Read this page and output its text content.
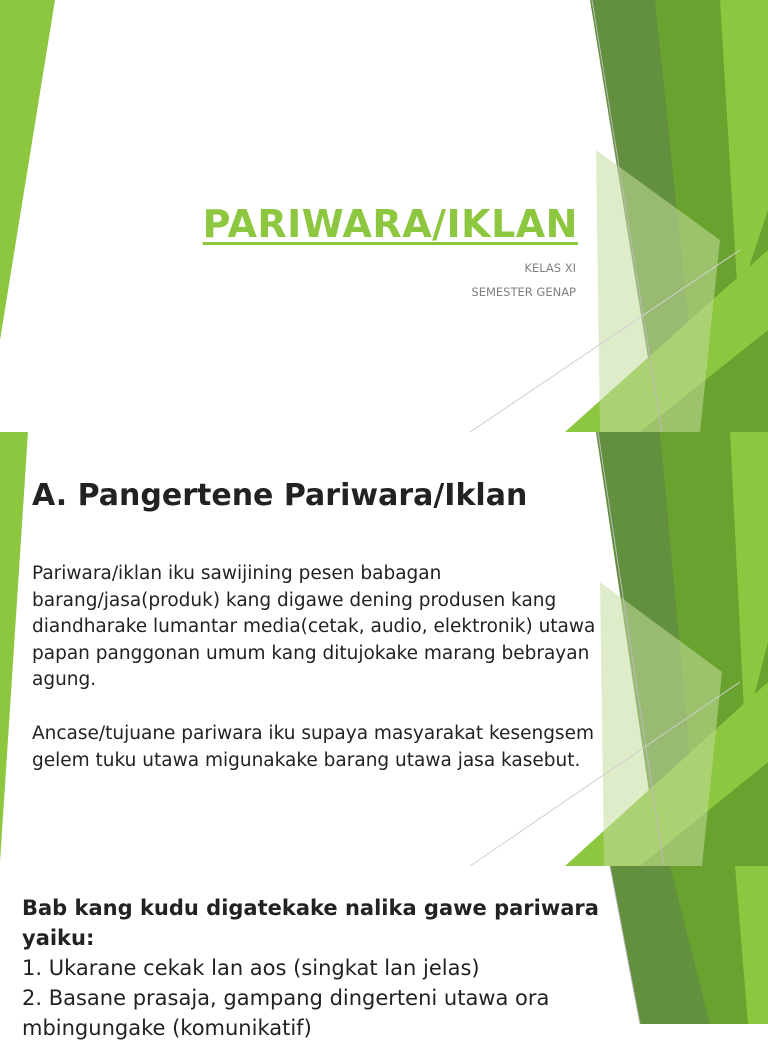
PARIWARA/IKLAN

KELAS XI

SEMESTER GENAP

A. Pangertene Pariwara/Iklan

Pariwara/iklan iku sawijining pesen babagan barang/jasa(produk) kang digawe dening produsen kang diandharake lumantar media(cetak, audio, elektronik) utawa papan panggonan umum kang ditujokake marang bebrayan agung.

Ancase/tujuane pariwara iku supaya masyarakat kesengsem gelem tuku utawa migunakake barang utawa jasa kasebut.

Bab kang kudu digatekake nalika gawe pariwara yaiku:
1. Ukarane cekak lan aos (singkat lan jelas)
2. Basane prasaja, gampang dingerteni utawa ora
mbingungake (komunikatif)
